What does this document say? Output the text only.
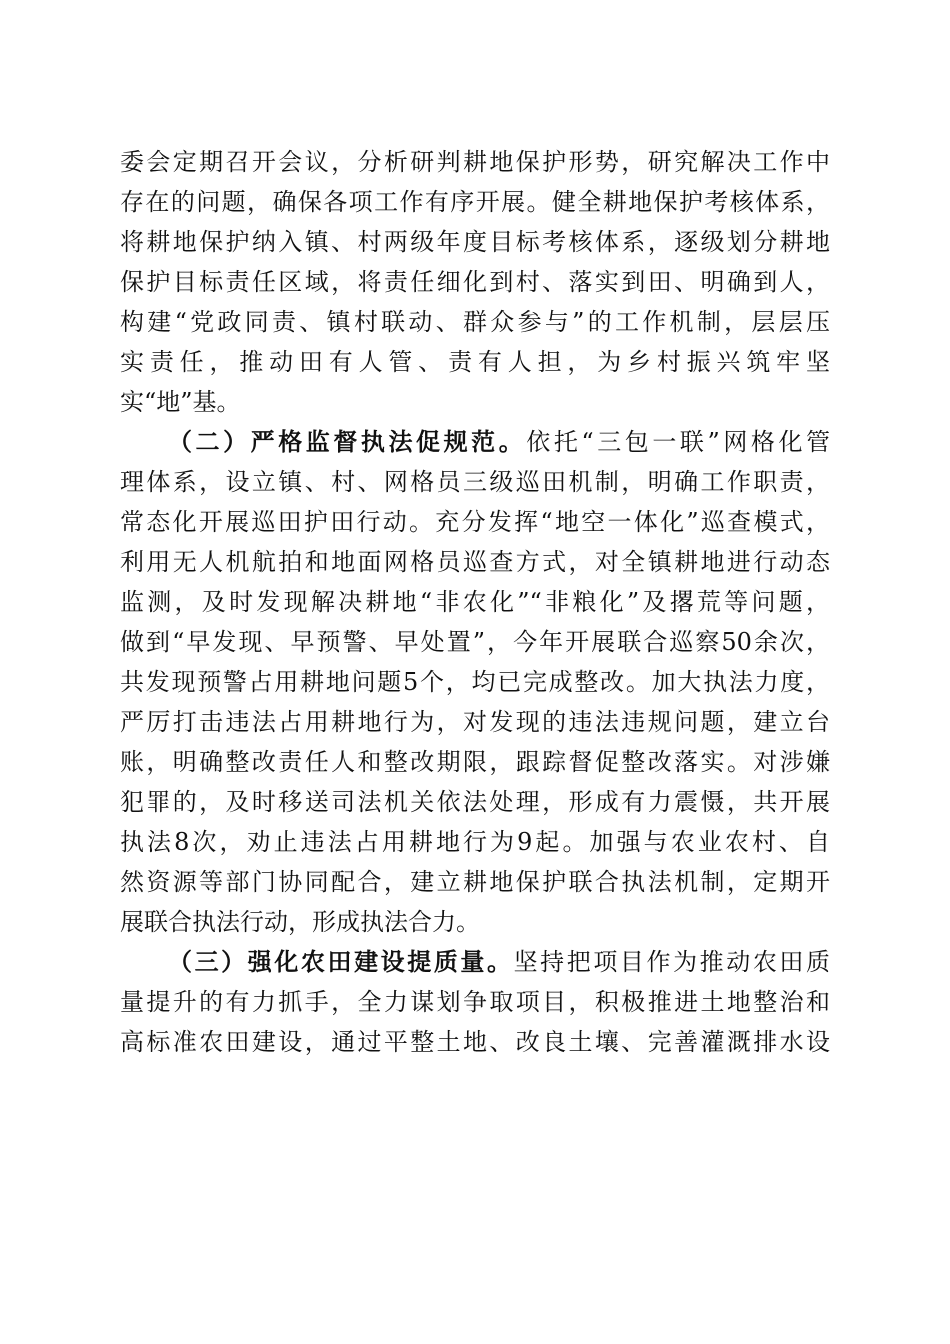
委会定期召开会议，分析研判耕地保护形势，研究解决工作中
存在的问题，确保各项工作有序开展。健全耕地保护考核体系，
将耕地保护纳入镇、村两级年度目标考核体系，逐级划分耕地
保护目标责任区域，将责任细化到村、落实到田、明确到人，
构建“党政同责、镇村联动、群众参与”的工作机制，层层压
实责任，推动田有人管、责有人担，为乡村振兴筑牢坚
实“地”基。
（二）严格监督执法促规范。依托“三包一联”网格化管
理体系，设立镇、村、网格员三级巡田机制，明确工作职责，
常态化开展巡田护田行动。充分发挥“地空一体化”巡查模式，
利用无人机航拍和地面网格员巡查方式，对全镇耕地进行动态
监测，及时发现解决耕地“非农化”“非粮化”及撂荒等问题，
做到“早发现、早预警、早处置”，今年开展联合巡察50余次，
共发现预警占用耕地问题5个，均已完成整改。加大执法力度，
严厉打击违法占用耕地行为，对发现的违法违规问题，建立台
账，明确整改责任人和整改期限，跟踪督促整改落实。对涉嫌
犯罪的，及时移送司法机关依法处理，形成有力震慑，共开展
执法8次，劝止违法占用耕地行为9起。加强与农业农村、自
然资源等部门协同配合，建立耕地保护联合执法机制，定期开
展联合执法行动，形成执法合力。
（三）强化农田建设提质量。坚持把项目作为推动农田质
量提升的有力抓手，全力谋划争取项目，积极推进土地整治和
高标准农田建设，通过平整土地、改良土壤、完善灌溉排水设
